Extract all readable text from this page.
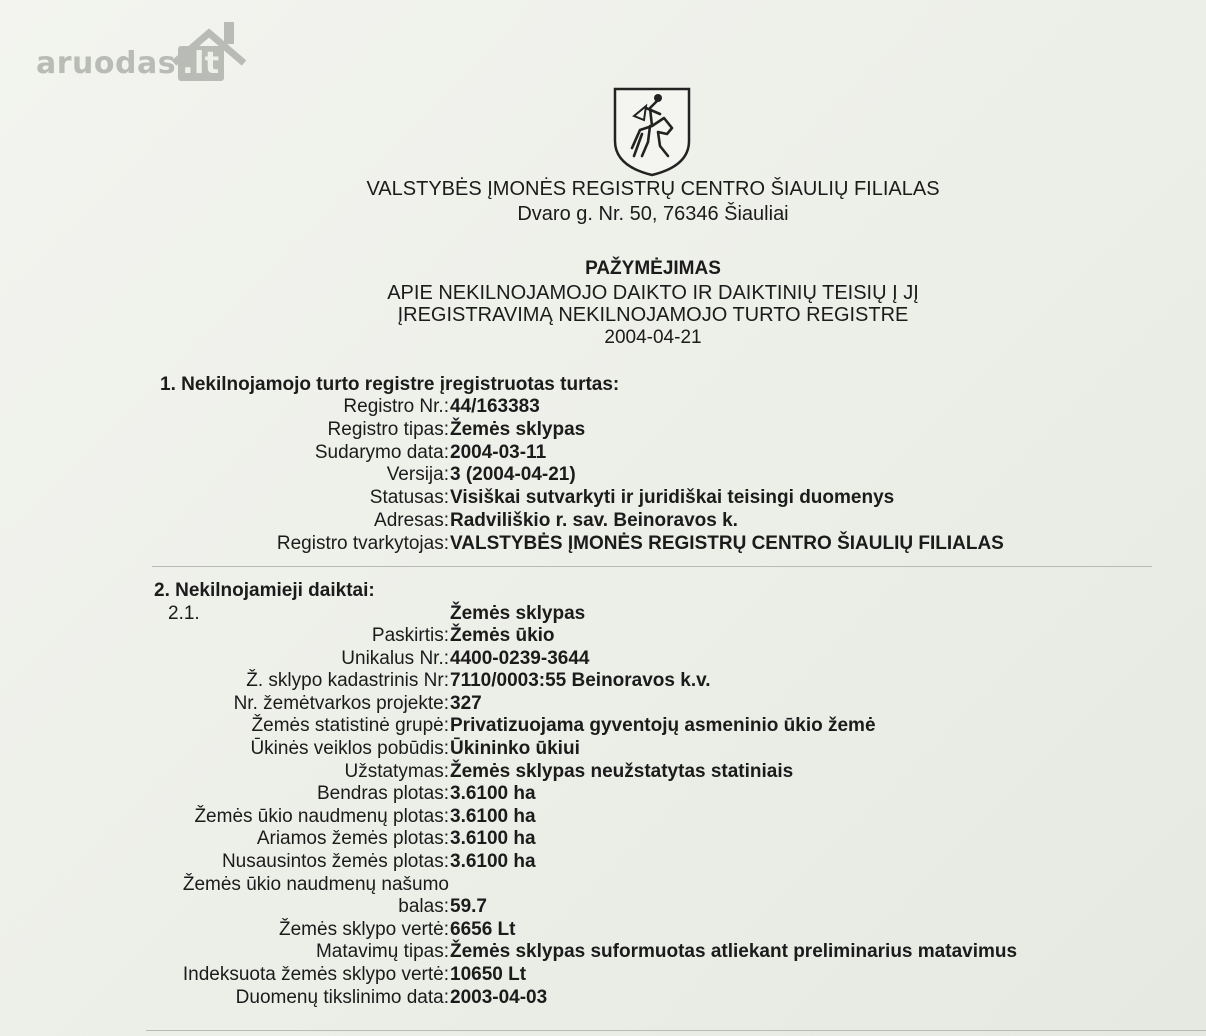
aruodas .lt
VALSTYBĖS ĮMONĖS REGISTRŲ CENTRO ŠIAULIŲ FILIALAS
Dvaro g. Nr. 50, 76346 Šiauliai
PAŽYMĖJIMAS
APIE NEKILNOJAMOJO DAIKTO IR DAIKTINIŲ TEISIŲ Į JĮ
ĮREGISTRAVIMĄ NEKILNOJAMOJO TURTO REGISTRE
2004-04-21
1. Nekilnojamojo turto registre įregistruotas turtas:
Registro Nr.: 44/163383
Registro tipas: Žemės sklypas
Sudarymo data: 2004-03-11
Versija: 3 (2004-04-21)
Statusas: Visiškai sutvarkyti ir juridiškai teisingi duomenys
Adresas: Radviliškio r. sav. Beinoravos k.
Registro tvarkytojas: VALSTYBĖS ĮMONĖS REGISTRŲ CENTRO ŠIAULIŲ FILIALAS
2. Nekilnojamieji daiktai:
2.1.	Žemės sklypas
Paskirtis: Žemės ūkio
Unikalus Nr.: 4400-0239-3644
Ž. sklypo kadastrinis Nr: 7110/0003:55 Beinoravos k.v.
Nr. žemėtvarkos projekte: 327
Žemės statistinė grupė: Privatizuojama gyventojų asmeninio ūkio žemė
Ūkinės veiklos pobūdis: Ūkininko ūkiui
Užstatymas: Žemės sklypas neužstatytas statiniais
Bendras plotas: 3.6100 ha
Žemės ūkio naudmenų plotas: 3.6100 ha
Ariamos žemės plotas: 3.6100 ha
Nusausintos žemės plotas: 3.6100 ha
Žemės ūkio naudmenų našumo
balas: 59.7
Žemės sklypo vertė: 6656 Lt
Matavimų tipas: Žemės sklypas suformuotas atliekant preliminarius matavimus
Indeksuota žemės sklypo vertė: 10650 Lt
Duomenų tikslinimo data: 2003-04-03
